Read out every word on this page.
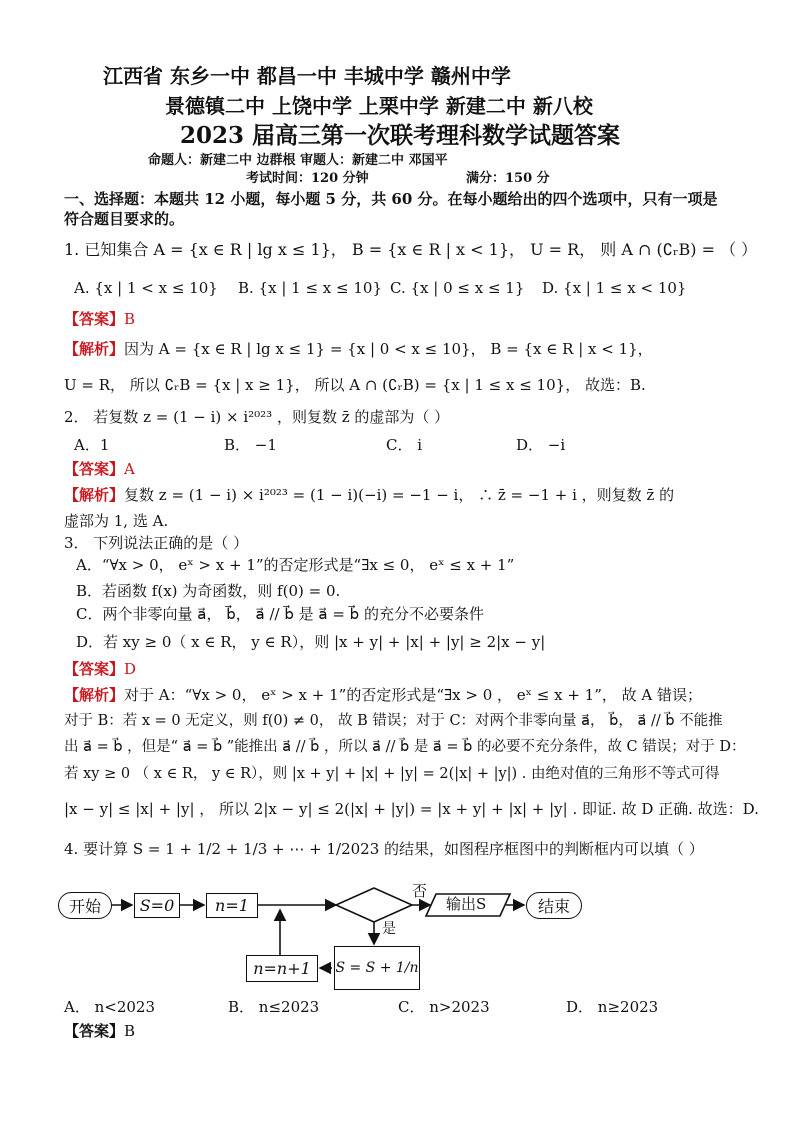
江西省 东乡一中 都昌一中 丰城中学 赣州中学
景德镇二中 上饶中学 上栗中学 新建二中 新八校
2023 届高三第一次联考理科数学试题答案
命题人：新建二中 边群根 审题人：新建二中 邓国平
考试时间：120 分钟	满分：150 分
一、选择题：本题共 12 小题，每小题 5 分，共 60 分。在每小题给出的四个选项中，只有一项是
符合题目要求的。
1. 已知集合 A = {x ∈ R | lg x ≤ 1}， B = {x ∈ R | x < 1}， U = R， 则 A ∩ (∁ᵣB) = （ ）
A. {x | 1 < x ≤ 10} B. {x | 1 ≤ x ≤ 10} C. {x | 0 ≤ x ≤ 1} D. {x | 1 ≤ x < 10}
【答案】B
【解析】因为 A = {x ∈ R | lg x ≤ 1} = {x | 0 < x ≤ 10}， B = {x ∈ R | x < 1}，
U = R， 所以 ∁ᵣB = {x | x ≥ 1}， 所以 A ∩ (∁ᵣB) = {x | 1 ≤ x ≤ 10}， 故选：B.
2． 若复数 z = (1 − i) × i²⁰²³ ，则复数 z̄ 的虚部为（ ）
A．1	B． −1	C． i	D． −i
【答案】A
【解析】复数 z = (1 − i) × i²⁰²³ = (1 − i)(−i) = −1 − i， ∴ z̄ = −1 + i ，则复数 z̄ 的
虚部为 1, 选 A.
3． 下列说法正确的是（ ）
A．“∀x > 0， eˣ > x + 1”的否定形式是“∃x ≤ 0， eˣ ≤ x + 1”
B．若函数 f(x) 为奇函数，则 f(0) = 0.
C．两个非零向量 a⃗， b⃗， a⃗ // b⃗ 是 a⃗ = b⃗ 的充分不必要条件
D．若 xy ≥ 0（ x ∈ R， y ∈ R），则 |x + y| + |x| + |y| ≥ 2|x − y|
【答案】D
【解析】对于 A：“∀x > 0， eˣ > x + 1”的否定形式是“∃x > 0 ， eˣ ≤ x + 1”， 故 A 错误；
对于 B：若 x = 0 无定义，则 f(0) ≠ 0， 故 B 错误；对于 C：对两个非零向量 a⃗， b⃗， a⃗ // b⃗ 不能推
出 a⃗ = b⃗ ，但是“ a⃗ = b⃗ ”能推出 a⃗ // b⃗ ，所以 a⃗ // b⃗ 是 a⃗ = b⃗ 的必要不充分条件，故 C 错误；对于 D：
若 xy ≥ 0 （ x ∈ R， y ∈ R），则 |x + y| + |x| + |y| = 2(|x| + |y|) . 由绝对值的三角形不等式可得
|x − y| ≤ |x| + |y| ， 所以 2|x − y| ≤ 2(|x| + |y|) = |x + y| + |x| + |y| . 即证. 故 D 正确. 故选：D.
4. 要计算 S = 1 + 1/2 + 1/3 + ⋯ + 1/2023 的结果，如图程序框图中的判断框内可以填（ ）
开始	S=0	n=1
否
是
输出S	结束
n=n+1	S = S + 1/n
A． n<2023	B． n≤2023	C． n>2023	D． n≥2023
【答案】B
